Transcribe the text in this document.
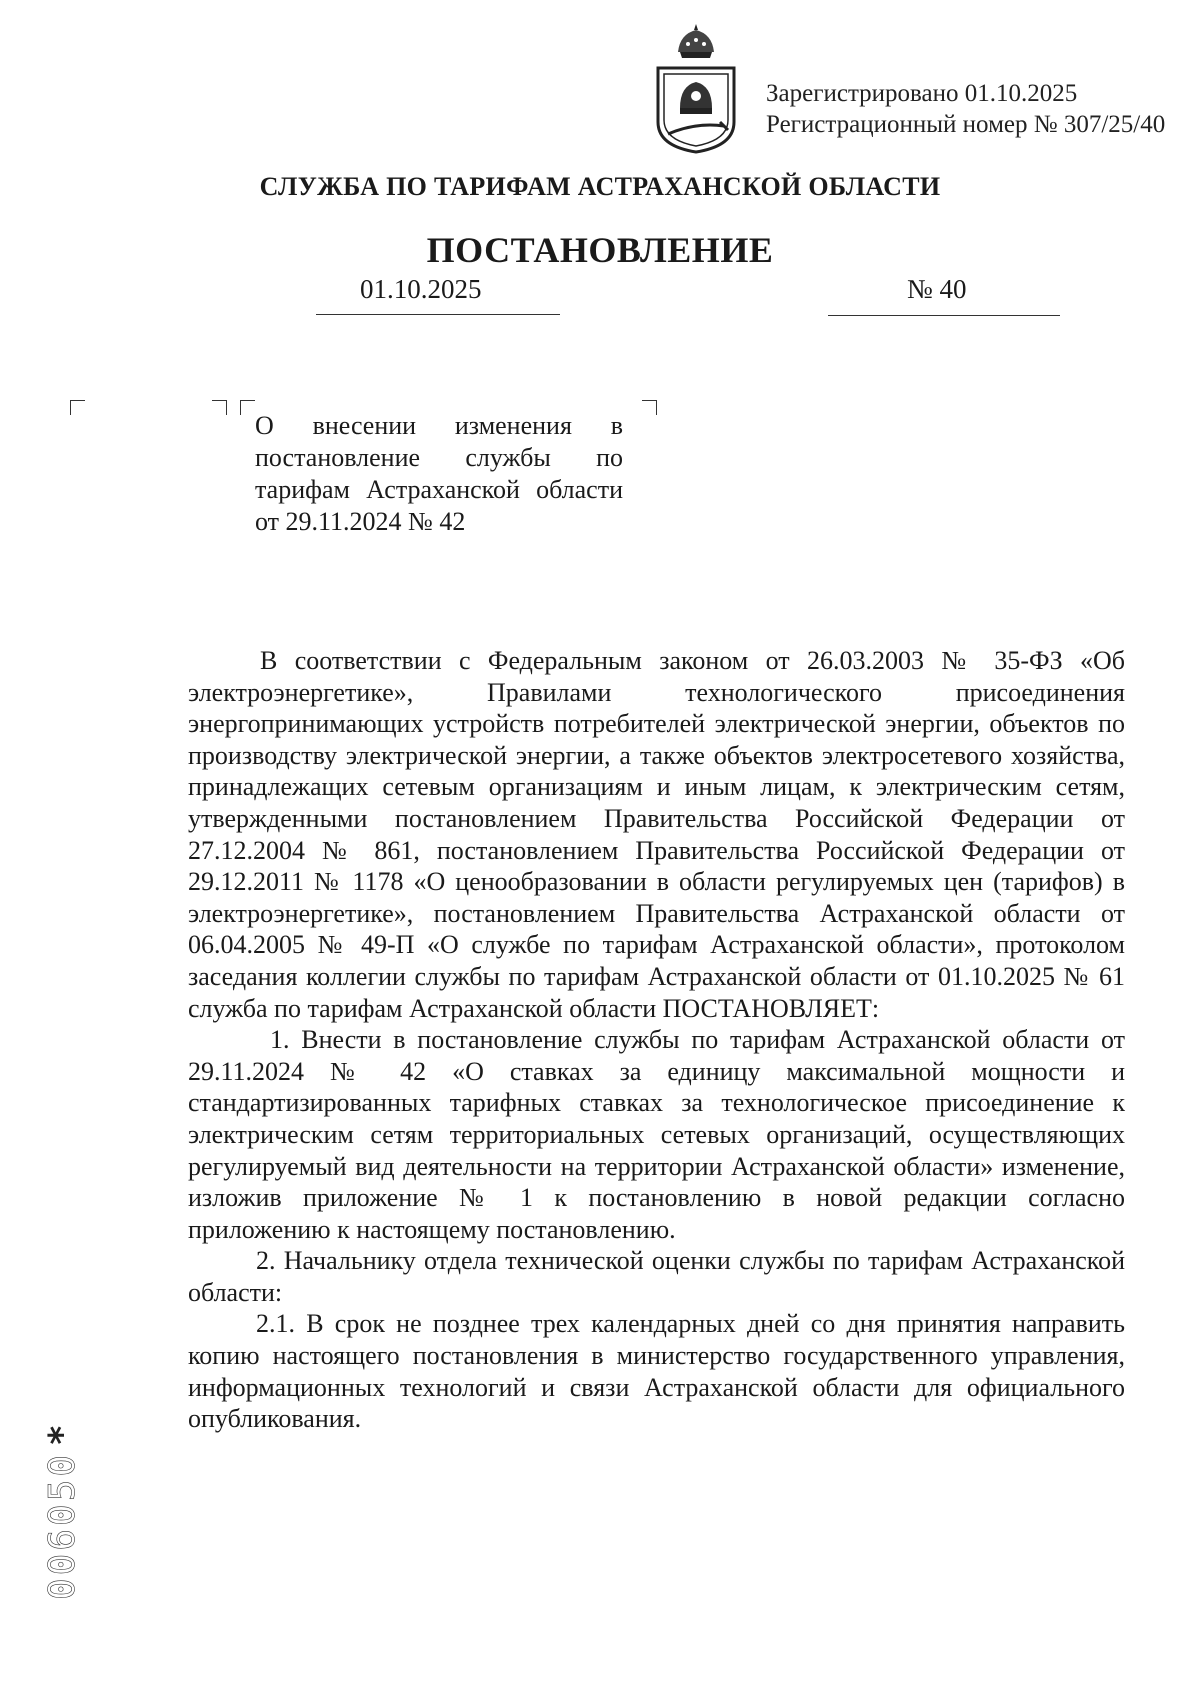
Зарегистрировано 01.10.2025
Регистрационный номер № 307/25/40
СЛУЖБА ПО ТАРИФАМ АСТРАХАНСКОЙ ОБЛАСТИ
ПОСТАНОВЛЕНИЕ
01.10.2025	№ 40
О внесении изменения в постановление службы по тарифам Астраханской области от 29.11.2024 № 42

В соответствии с Федеральным законом от 26.03.2003 № 35-ФЗ «Об электроэнергетике», Правилами технологического присоединения энергопринимающих устройств потребителей электрической энергии, объектов по производству электрической энергии, а также объектов электросетевого хозяйства, принадлежащих сетевым организациям и иным лицам, к электрическим сетям, утвержденными постановлением Правительства Российской Федерации от 27.12.2004 № 861, постановлением Правительства Российской Федерации от 29.12.2011 № 1178 «О ценообразовании в области регулируемых цен (тарифов) в электроэнергетике», постановлением Правительства Астраханской области от 06.04.2005 № 49-П «О службе по тарифам Астраханской области», протоколом заседания коллегии службы по тарифам Астраханской области от 01.10.2025 № 61 служба по тарифам Астраханской области ПОСТАНОВЛЯЕТ:

1. Внести в постановление службы по тарифам Астраханской области от 29.11.2024 № 42 «О ставках за единицу максимальной мощности и стандартизированных тарифных ставках за технологическое присоединение к электрическим сетям территориальных сетевых организаций, осуществляющих регулируемый вид деятельности на территории Астраханской области» изменение, изложив приложение № 1 к постановлению в новой редакции согласно приложению к настоящему постановлению.

2. Начальнику отдела технической оценки службы по тарифам Астраханской области:

2.1. В срок не позднее трех календарных дней со дня принятия направить копию настоящего постановления в министерство государственного управления, информационных технологий и связи Астраханской области для официального опубликования.

006050*
